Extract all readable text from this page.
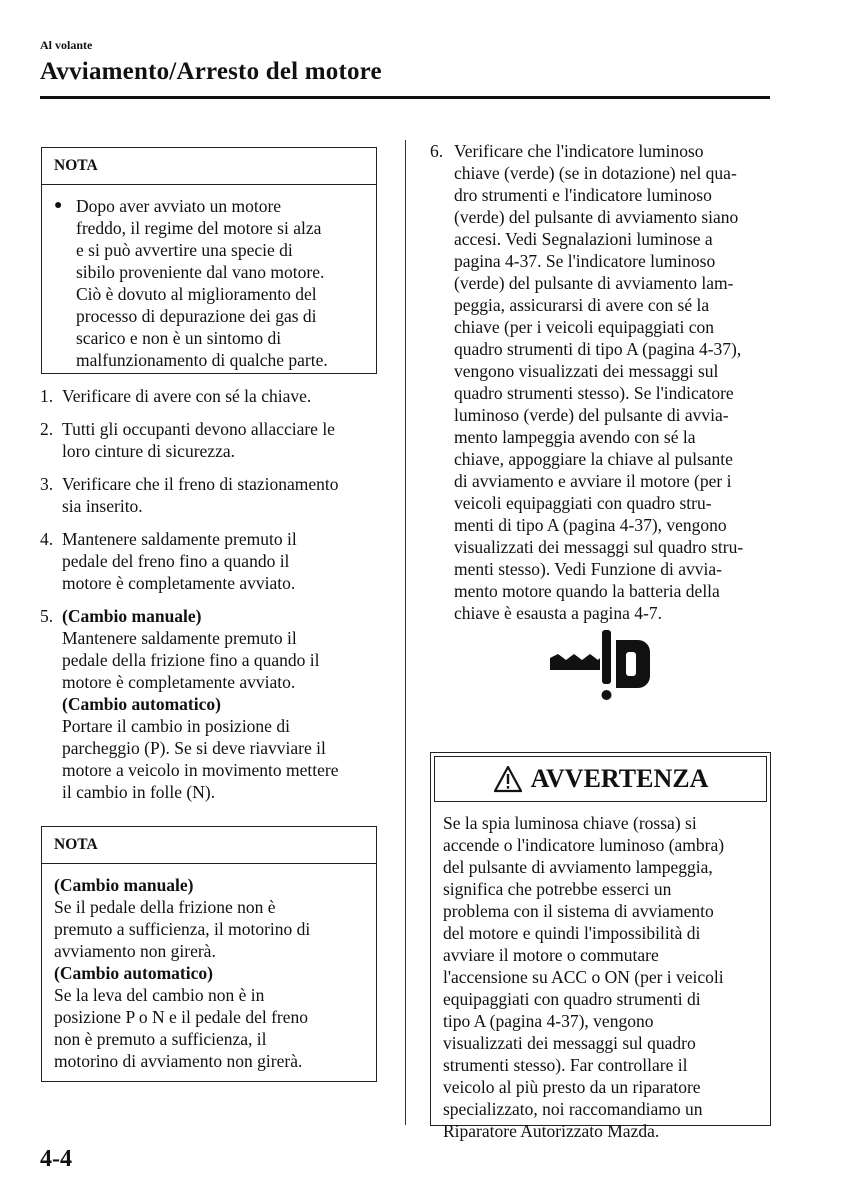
Al volante
Avviamento/Arresto del motore
NOTA
● Dopo aver avviato un motore
freddo, il regime del motore si alza
e si può avvertire una specie di
sibilo proveniente dal vano motore.
Ciò è dovuto al miglioramento del
processo di depurazione dei gas di
scarico e non è un sintomo di
malfunzionamento di qualche parte.
1. Verificare di avere con sé la chiave.
2. Tutti gli occupanti devono allacciare le
loro cinture di sicurezza.
3. Verificare che il freno di stazionamento
sia inserito.
4. Mantenere saldamente premuto il
pedale del freno fino a quando il
motore è completamente avviato.
5. (Cambio manuale)
Mantenere saldamente premuto il
pedale della frizione fino a quando il
motore è completamente avviato.
(Cambio automatico)
Portare il cambio in posizione di
parcheggio (P). Se si deve riavviare il
motore a veicolo in movimento mettere
il cambio in folle (N).
NOTA
(Cambio manuale)
Se il pedale della frizione non è
premuto a sufficienza, il motorino di
avviamento non girerà.
(Cambio automatico)
Se la leva del cambio non è in
posizione P o N e il pedale del freno
non è premuto a sufficienza, il
motorino di avviamento non girerà.
6. Verificare che l'indicatore luminoso
chiave (verde) (se in dotazione) nel qua-
dro strumenti e l'indicatore luminoso
(verde) del pulsante di avviamento siano
accesi. Vedi Segnalazioni luminose a
pagina 4-37. Se l'indicatore luminoso
(verde) del pulsante di avviamento lam-
peggia, assicurarsi di avere con sé la
chiave (per i veicoli equipaggiati con
quadro strumenti di tipo A (pagina 4-37),
vengono visualizzati dei messaggi sul
quadro strumenti stesso). Se l'indicatore
luminoso (verde) del pulsante di avvia-
mento lampeggia avendo con sé la
chiave, appoggiare la chiave al pulsante
di avviamento e avviare il motore (per i
veicoli equipaggiati con quadro stru-
menti di tipo A (pagina 4-37), vengono
visualizzati dei messaggi sul quadro stru-
menti stesso). Vedi Funzione di avvia-
mento motore quando la batteria della
chiave è esausta a pagina 4-7.
AVVERTENZA
Se la spia luminosa chiave (rossa) si
accende o l'indicatore luminoso (ambra)
del pulsante di avviamento lampeggia,
significa che potrebbe esserci un
problema con il sistema di avviamento
del motore e quindi l'impossibilità di
avviare il motore o commutare
l'accensione su ACC o ON (per i veicoli
equipaggiati con quadro strumenti di
tipo A (pagina 4-37), vengono
visualizzati dei messaggi sul quadro
strumenti stesso). Far controllare il
veicolo al più presto da un riparatore
specializzato, noi raccomandiamo un
Riparatore Autorizzato Mazda.
4-4
